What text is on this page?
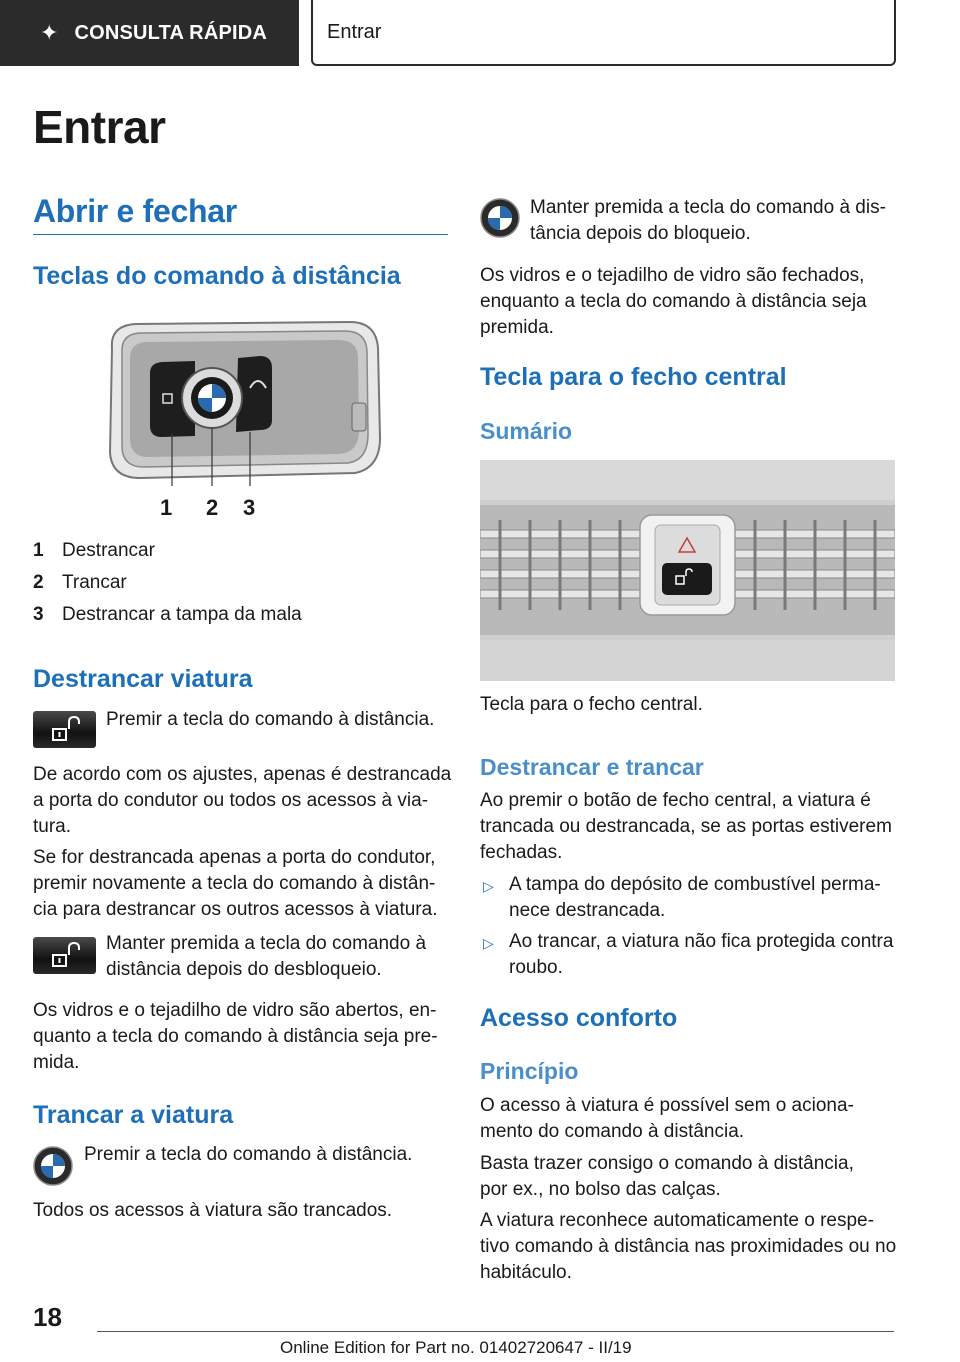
✦ CONSULTA RÁPIDA	Entrar
Entrar
Abrir e fechar
Teclas do comando à distância
1 2 3
1 Destrancar
2 Trancar
3 Destrancar a tampa da mala
Destrancar viatura
Premir a tecla do comando à distância.
De acordo com os ajustes, apenas é destrancada
a porta do condutor ou todos os acessos à via‐
tura.
Se for destrancada apenas a porta do condutor,
premir novamente a tecla do comando à distân‐
cia para destrancar os outros acessos à viatura.
Manter premida a tecla do comando à
distância depois do desbloqueio.
Os vidros e o tejadilho de vidro são abertos, en‐
quanto a tecla do comando à distância seja pre‐
mida.
Trancar a viatura
Premir a tecla do comando à distância.
Todos os acessos à viatura são trancados.
Manter premida a tecla do comando à dis‐
tância depois do bloqueio.
Os vidros e o tejadilho de vidro são fechados,
enquanto a tecla do comando à distância seja
premida.
Tecla para o fecho central
Sumário
Tecla para o fecho central.
Destrancar e trancar
Ao premir o botão de fecho central, a viatura é
trancada ou destrancada, se as portas estiverem
fechadas.
▷ A tampa do depósito de combustível perma‐
nece destrancada.
▷ Ao trancar, a viatura não fica protegida contra
roubo.
Acesso conforto
Princípio
O acesso à viatura é possível sem o aciona‐
mento do comando à distância.
Basta trazer consigo o comando à distância,
por ex., no bolso das calças.
A viatura reconhece automaticamente o respe‐
tivo comando à distância nas proximidades ou no
habitáculo.
18
Online Edition for Part no. 01402720647 - II/19
